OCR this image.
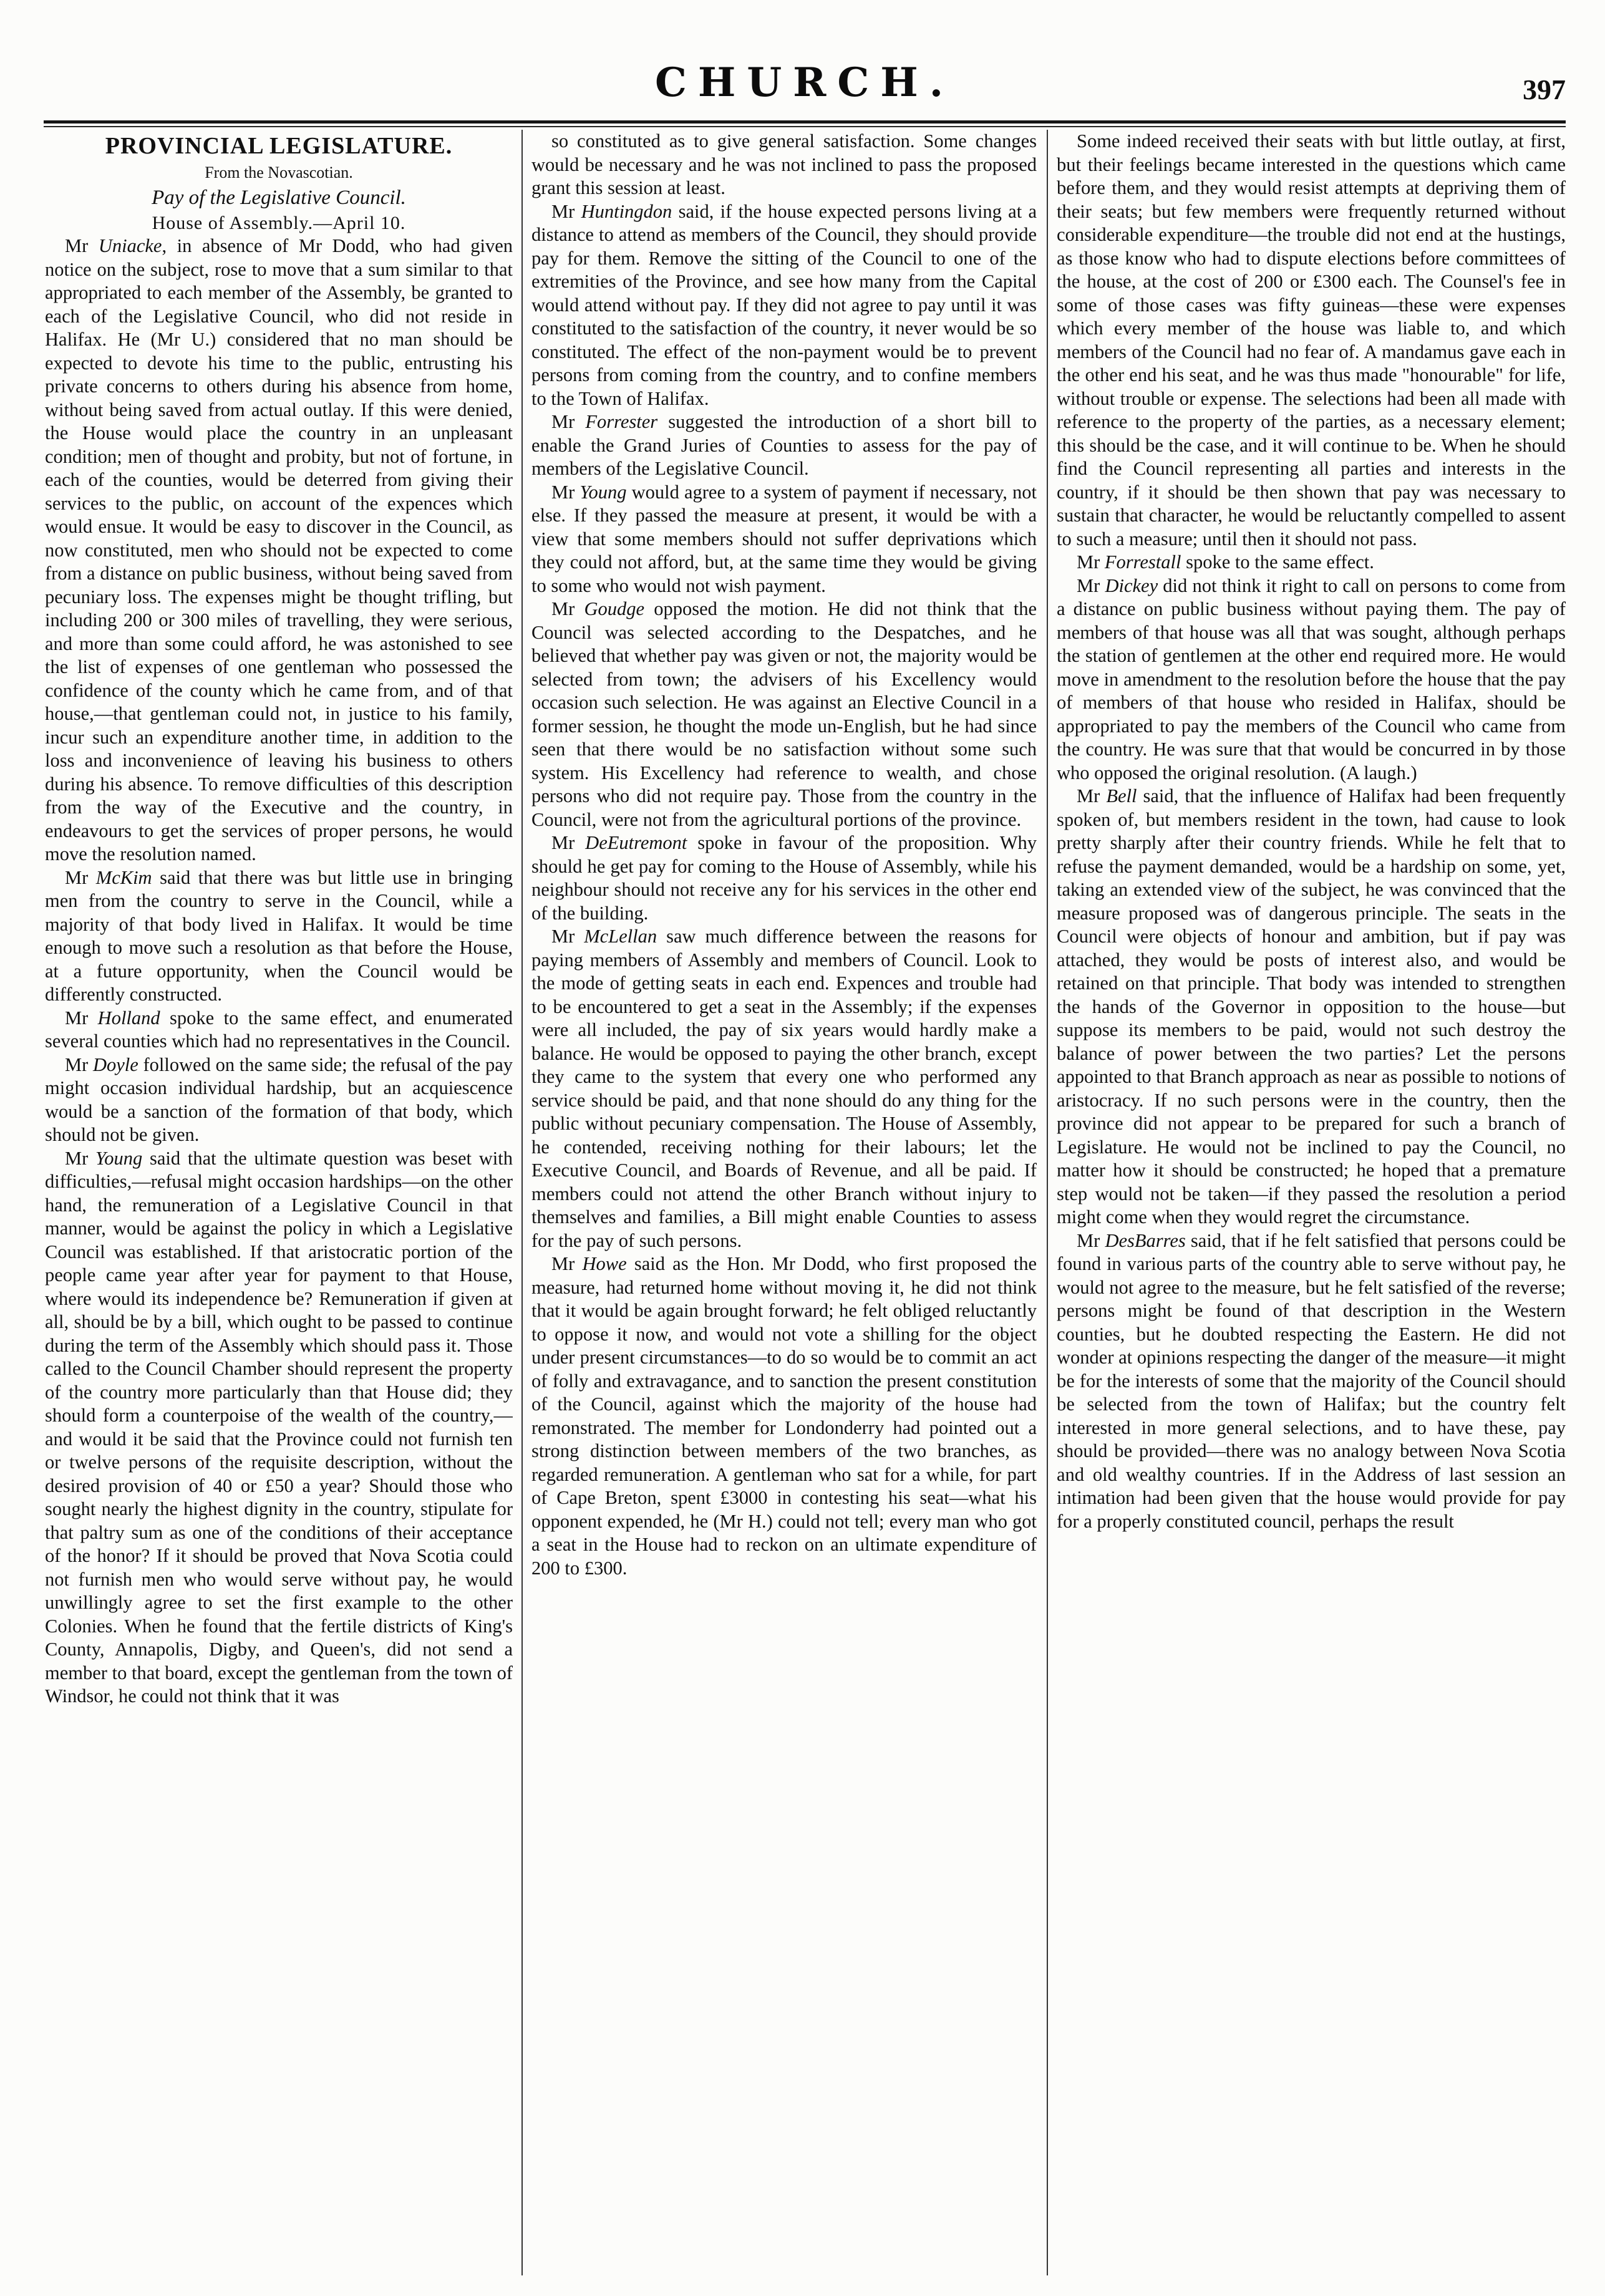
CHURCH.	397
PROVINCIAL LEGISLATURE.
From the Novascotian.
Pay of the Legislative Council.
House of Assembly.—April 10.

Mr Uniacke, in absence of Mr Dodd, who had given notice on the subject, rose to move that a sum similar to that appropriated to each member of the Assembly, be granted to each of the Legislative Council, who did not reside in Halifax. He (Mr U.) considered that no man should be expected to devote his time to the public, entrusting his private concerns to others during his absence from home, without being saved from actual outlay. If this were denied, the House would place the country in an unpleasant condition; men of thought and probity, but not of fortune, in each of the counties, would be deterred from giving their services to the public, on account of the expences which would ensue. It would be easy to discover in the Council, as now constituted, men who should not be expected to come from a distance on public business, without being saved from pecuniary loss. The expenses might be thought trifling, but including 200 or 300 miles of travelling, they were serious, and more than some could afford, he was astonished to see the list of expenses of one gentleman who possessed the confidence of the county which he came from, and of that house,—that gentleman could not, in justice to his family, incur such an expenditure another time, in addition to the loss and inconvenience of leaving his business to others during his absence. To remove difficulties of this description from the way of the Executive and the country, in endeavours to get the services of proper persons, he would move the resolution named.

Mr McKim said that there was but little use in bringing men from the country to serve in the Council, while a majority of that body lived in Halifax. It would be time enough to move such a resolution as that before the House, at a future opportunity, when the Council would be differently constructed.

Mr Holland spoke to the same effect, and enumerated several counties which had no representatives in the Council.

Mr Doyle followed on the same side; the refusal of the pay might occasion individual hardship, but an acquiescence would be a sanction of the formation of that body, which should not be given.

Mr Young said that the ultimate question was beset with difficulties,—refusal might occasion hardships—on the other hand, the remuneration of a Legislative Council in that manner, would be against the policy in which a Legislative Council was established. If that aristocratic portion of the people came year after year for payment to that House, where would its independence be? Remuneration if given at all, should be by a bill, which ought to be passed to continue during the term of the Assembly which should pass it. Those called to the Council Chamber should represent the property of the country more particularly than that House did; they should form a counterpoise of the wealth of the country,—and would it be said that the Province could not furnish ten or twelve persons of the requisite description, without the desired provision of 40 or £50 a year? Should those who sought nearly the highest dignity in the country, stipulate for that paltry sum as one of the conditions of their acceptance of the honor? If it should be proved that Nova Scotia could not furnish men who would serve without pay, he would unwillingly agree to set the first example to the other Colonies. When he found that the fertile districts of King's County, Annapolis, Digby, and Queen's, did not send a member to that board, except the gentleman from the town of Windsor, he could not think that it was

so constituted as to give general satisfaction. Some changes would be necessary and he was not inclined to pass the proposed grant this session at least.

Mr Huntingdon said, if the house expected persons living at a distance to attend as members of the Council, they should provide pay for them. Remove the sitting of the Council to one of the extremities of the Province, and see how many from the Capital would attend without pay. If they did not agree to pay until it was constituted to the satisfaction of the country, it never would be so constituted. The effect of the non-payment would be to prevent persons from coming from the country, and to confine members to the Town of Halifax.

Mr Forrester suggested the introduction of a short bill to enable the Grand Juries of Counties to assess for the pay of members of the Legislative Council.

Mr Young would agree to a system of payment if necessary, not else. If they passed the measure at present, it would be with a view that some members should not suffer deprivations which they could not afford, but, at the same time they would be giving to some who would not wish payment.

Mr Goudge opposed the motion. He did not think that the Council was selected according to the Despatches, and he believed that whether pay was given or not, the majority would be selected from town; the advisers of his Excellency would occasion such selection. He was against an Elective Council in a former session, he thought the mode un-English, but he had since seen that there would be no satisfaction without some such system. His Excellency had reference to wealth, and chose persons who did not require pay. Those from the country in the Council, were not from the agricultural portions of the province.

Mr DeEutremont spoke in favour of the proposition. Why should he get pay for coming to the House of Assembly, while his neighbour should not receive any for his services in the other end of the building.

Mr McLellan saw much difference between the reasons for paying members of Assembly and members of Council. Look to the mode of getting seats in each end. Expences and trouble had to be encountered to get a seat in the Assembly; if the expenses were all included, the pay of six years would hardly make a balance. He would be opposed to paying the other branch, except they came to the system that every one who performed any service should be paid, and that none should do any thing for the public without pecuniary compensation. The House of Assembly, he contended, receiving nothing for their labours; let the Executive Council, and Boards of Revenue, and all be paid. If members could not attend the other Branch without injury to themselves and families, a Bill might enable Counties to assess for the pay of such persons.

Mr Howe said as the Hon. Mr Dodd, who first proposed the measure, had returned home without moving it, he did not think that it would be again brought forward; he felt obliged reluctantly to oppose it now, and would not vote a shilling for the object under present circumstances—to do so would be to commit an act of folly and extravagance, and to sanction the present constitution of the Council, against which the majority of the house had remonstrated. The member for Londonderry had pointed out a strong distinction between members of the two branches, as regarded remuneration. A gentleman who sat for a while, for part of Cape Breton, spent £3000 in contesting his seat—what his opponent expended, he (Mr H.) could not tell; every man who got a seat in the House had to reckon on an ultimate expenditure of 200 to £300.

Some indeed received their seats with but little outlay, at first, but their feelings became interested in the questions which came before them, and they would resist attempts at depriving them of their seats; but few members were frequently returned without considerable expenditure—the trouble did not end at the hustings, as those know who had to dispute elections before committees of the house, at the cost of 200 or £300 each. The Counsel's fee in some of those cases was fifty guineas—these were expenses which every member of the house was liable to, and which members of the Council had no fear of. A mandamus gave each in the other end his seat, and he was thus made "honourable" for life, without trouble or expense. The selections had been all made with reference to the property of the parties, as a necessary element; this should be the case, and it will continue to be. When he should find the Council representing all parties and interests in the country, if it should be then shown that pay was necessary to sustain that character, he would be reluctantly compelled to assent to such a measure; until then it should not pass.

Mr Forrestall spoke to the same effect.

Mr Dickey did not think it right to call on persons to come from a distance on public business without paying them. The pay of members of that house was all that was sought, although perhaps the station of gentlemen at the other end required more. He would move in amendment to the resolution before the house that the pay of members of that house who resided in Halifax, should be appropriated to pay the members of the Council who came from the country. He was sure that that would be concurred in by those who opposed the original resolution. (A laugh.)

Mr Bell said, that the influence of Halifax had been frequently spoken of, but members resident in the town, had cause to look pretty sharply after their country friends. While he felt that to refuse the payment demanded, would be a hardship on some, yet, taking an extended view of the subject, he was convinced that the measure proposed was of dangerous principle. The seats in the Council were objects of honour and ambition, but if pay was attached, they would be posts of interest also, and would be retained on that principle. That body was intended to strengthen the hands of the Governor in opposition to the house—but suppose its members to be paid, would not such destroy the balance of power between the two parties? Let the persons appointed to that Branch approach as near as possible to notions of aristocracy. If no such persons were in the country, then the province did not appear to be prepared for such a branch of Legislature. He would not be inclined to pay the Council, no matter how it should be constructed; he hoped that a premature step would not be taken—if they passed the resolution a period might come when they would regret the circumstance.

Mr DesBarres said, that if he felt satisfied that persons could be found in various parts of the country able to serve without pay, he would not agree to the measure, but he felt satisfied of the reverse; persons might be found of that description in the Western counties, but he doubted respecting the Eastern. He did not wonder at opinions respecting the danger of the measure—it might be for the interests of some that the majority of the Council should be selected from the town of Halifax; but the country felt interested in more general selections, and to have these, pay should be provided—there was no analogy between Nova Scotia and old wealthy countries. If in the Address of last session an intimation had been given that the house would provide for pay for a properly constituted council, perhaps the result
